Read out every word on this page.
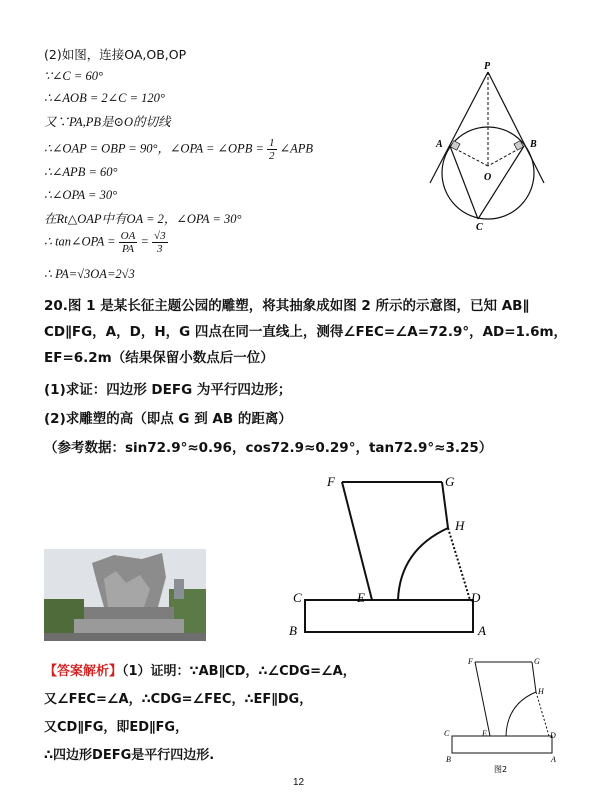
(2)如图，连接OA,OB,OP
∵∠C = 60°
∴∠AOB = 2∠C = 120°
又∵PA,PB是⊙O的切线
∴∠OAP = OBP = 90°，∠OPA = ∠OPB = $\frac{1}{2}$ ∠APB
∴∠APB = 60°
∴∠OPA = 30°
在Rt△OAP中有OA = 2，∠OPA = 30°
∴ tan∠OPA = $\frac{OA}{PA} = \frac{√3}{3}$
∴ PA=√3OA=2√3
P
A	B
O
C
20.图 1 是某长征主题公园的雕塑，将其抽象成如图 2 所示的示意图，已知 AB∥
CD∥FG，A，D，H，G 四点在同一直线上，测得∠FEC=∠A=72.9°，AD=1.6m，
EF=6.2m（结果保留小数点后一位）
(1)求证：四边形 DEFG 为平行四边形；
(2)求雕塑的高（即点 G 到 AB 的距离）
（参考数据：sin72.9°≈0.96，cos72.9≈0.29°，tan72.9°≈3.25）
F	G
H
C	E	D
B	A
【答案解析】（1）证明：∵AB∥CD，∴∠CDG=∠A，
又∠FEC=∠A，∴CDG=∠FEC，∴EF∥DG，
又CD∥FG，即ED∥FG，
∴四边形DEFG是平行四边形.
F	G
H
C	E	D
B	A
图2
12
